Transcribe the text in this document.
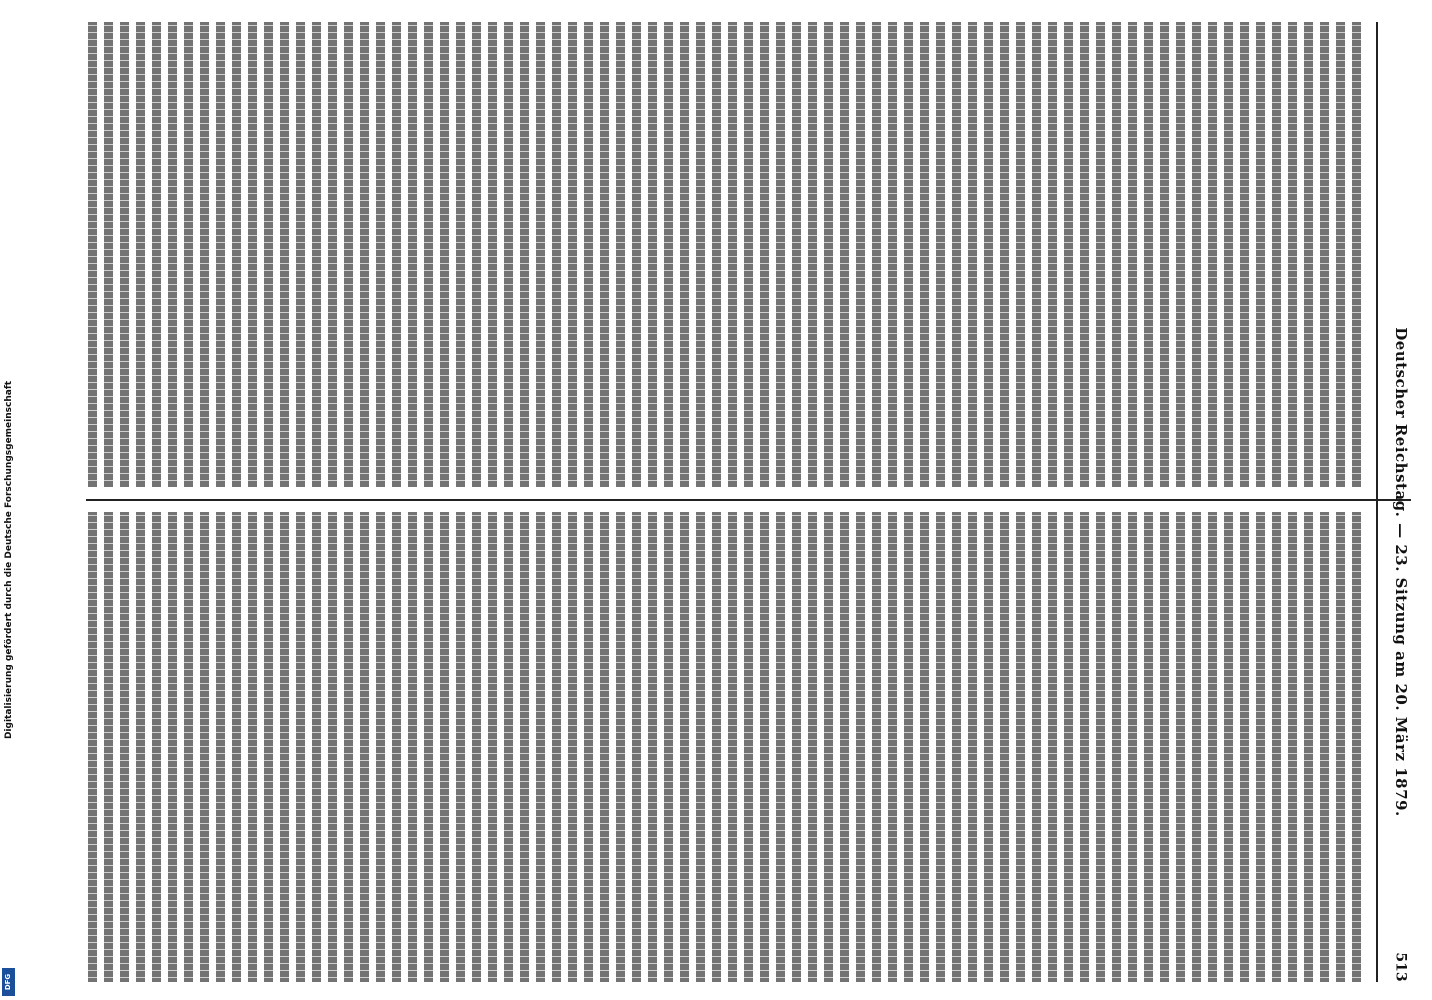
Digitalisierung gefördert durch die Deutsche Forschungsgemeinschaft
DFG
Deutscher Reichstag. — 23. Sitzung am 20. März 1879.
513
